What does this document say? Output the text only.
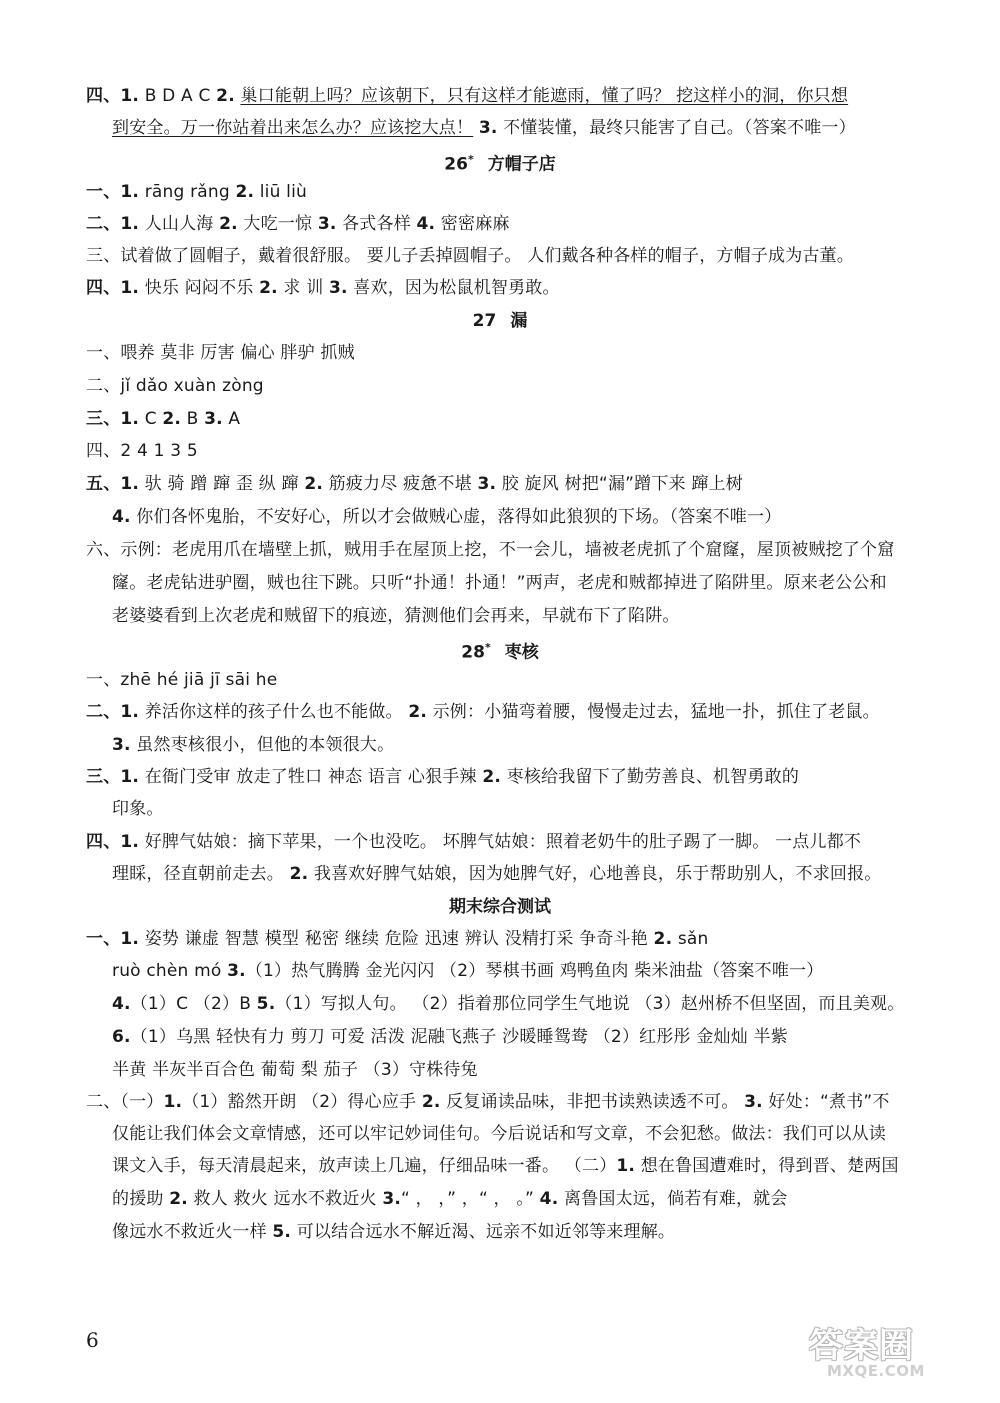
四、1. B D A C 2. 巢口能朝上吗？应该朝下，只有这样才能遮雨，懂了吗？ 挖这样小的洞，你只想
到安全。万一你站着出来怎么办？应该挖大点！ 3. 不懂装懂，最终只能害了自己。（答案不唯一）
一、1. rāng rǎng 2. liū liù
二、1. 人山人海 2. 大吃一惊 3. 各式各样 4. 密密麻麻
三、试着做了圆帽子，戴着很舒服。 要儿子丢掉圆帽子。 人们戴各种各样的帽子，方帽子成为古董。
四、1. 快乐 闷闷不乐 2. 求 训 3. 喜欢，因为松鼠机智勇敢。
一、喂养 莫非 厉害 偏心 胖驴 抓贼
二、jǐ dǎo xuàn zòng
三、1. C 2. B 3. A
四、2 4 1 3 5
五、1. 驮 骑 蹭 蹿 歪 纵 蹿 2. 筋疲力尽 疲惫不堪 3. 胶 旋风 树把“漏”蹭下来 蹿上树
4. 你们各怀鬼胎，不安好心，所以才会做贼心虚，落得如此狼狈的下场。（答案不唯一）
六、示例：老虎用爪在墙壁上抓，贼用手在屋顶上挖，不一会儿，墙被老虎抓了个窟窿，屋顶被贼挖了个窟
窿。老虎钻进驴圈，贼也往下跳。只听“扑通！扑通！”两声，老虎和贼都掉进了陷阱里。原来老公公和
老婆婆看到上次老虎和贼留下的痕迹，猜测他们会再来，早就布下了陷阱。
一、zhē hé jiā jī sāi he
二、1. 养活你这样的孩子什么也不能做。 2. 示例：小猫弯着腰，慢慢走过去，猛地一扑，抓住了老鼠。
3. 虽然枣核很小，但他的本领很大。
三、1. 在衙门受审 放走了牲口 神态 语言 心狠手辣 2. 枣核给我留下了勤劳善良、机智勇敢的
印象。
四、1. 好脾气姑娘：摘下苹果，一个也没吃。 坏脾气姑娘：照着老奶牛的肚子踢了一脚。 一点儿都不
理睬，径直朝前走去。 2. 我喜欢好脾气姑娘，因为她脾气好，心地善良，乐于帮助别人，不求回报。
一、1. 姿势 谦虚 智慧 模型 秘密 继续 危险 迅速 辨认 没精打采 争奇斗艳 2. sǎn
ruò chèn mó 3.（1）热气腾腾 金光闪闪 （2）琴棋书画 鸡鸭鱼肉 柴米油盐（答案不唯一）
4.（1）C （2）B 5.（1）写拟人句。 （2）指着那位同学生气地说 （3）赵州桥不但坚固，而且美观。
6.（1）乌黑 轻快有力 剪刀 可爱 活泼 泥融飞燕子 沙暖睡鸳鸯 （2）红彤彤 金灿灿 半紫
半黄 半灰半百合色 葡萄 梨 茄子 （3）守株待兔
二、（一）1.（1）豁然开朗 （2）得心应手 2. 反复诵读品味，非把书读熟读透不可。 3. 好处：“煮书”不
仅能让我们体会文章情感，还可以牢记妙词佳句。今后说话和写文章，不会犯愁。做法：我们可以从读
课文入手，每天清晨起来，放声读上几遍，仔细品味一番。 （二）1. 想在鲁国遭难时，得到晋、楚两国
的援助 2. 救人 救火 远水不救近火 3.“ ， ，” ，“ ， 。” 4. 离鲁国太远，倘若有难，就会
像远水不救近火一样 5. 可以结合远水不解近渴、远亲不如近邻等来理解。
26* 方帽子店
27 漏
28* 枣核
期末综合测试
6	答案圈
MXQE.COM
